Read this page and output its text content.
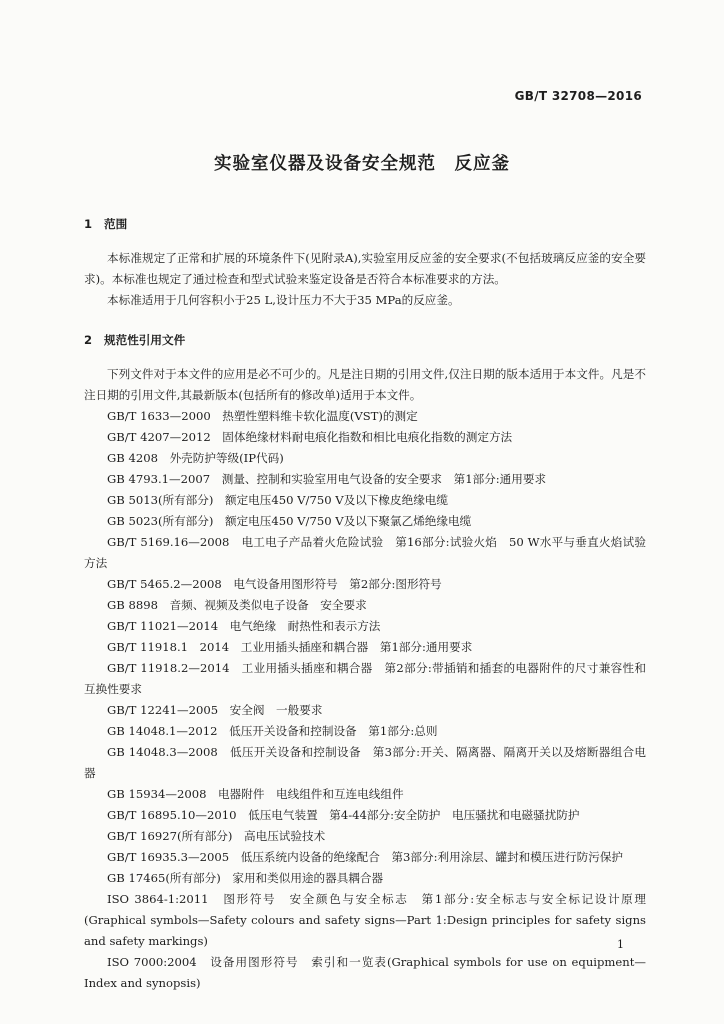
GB/T 32708—2016
实验室仪器及设备安全规范　反应釜
1 范围

本标准规定了正常和扩展的环境条件下(见附录A),实验室用反应釜的安全要求(不包括玻璃反应釜的安全要求)。本标准也规定了通过检查和型式试验来鉴定设备是否符合本标准要求的方法。

本标准适用于几何容积小于25 L,设计压力不大于35 MPa的反应釜。

2 规范性引用文件

下列文件对于本文件的应用是必不可少的。凡是注日期的引用文件,仅注日期的版本适用于本文件。凡是不注日期的引用文件,其最新版本(包括所有的修改单)适用于本文件。

GB/T 1633—2000　热塑性塑料维卡软化温度(VST)的测定
GB/T 4207—2012　固体绝缘材料耐电痕化指数和相比电痕化指数的测定方法
GB 4208　外壳防护等级(IP代码)
GB 4793.1—2007　测量、控制和实验室用电气设备的安全要求　第1部分:通用要求
GB 5013(所有部分)　额定电压450 V/750 V及以下橡皮绝缘电缆
GB 5023(所有部分)　额定电压450 V/750 V及以下聚氯乙烯绝缘电缆
GB/T 5169.16—2008　电工电子产品着火危险试验　第16部分:试验火焰　50 W水平与垂直火焰试验方法
GB/T 5465.2—2008　电气设备用图形符号　第2部分:图形符号
GB 8898　音频、视频及类似电子设备　安全要求
GB/T 11021—2014　电气绝缘　耐热性和表示方法
GB/T 11918.1　2014　工业用插头插座和耦合器　第1部分:通用要求
GB/T 11918.2—2014　工业用插头插座和耦合器　第2部分:带插销和插套的电器附件的尺寸兼容性和互换性要求
GB/T 12241—2005　安全阀　一般要求
GB 14048.1—2012　低压开关设备和控制设备　第1部分:总则
GB 14048.3—2008　低压开关设备和控制设备　第3部分:开关、隔离器、隔离开关以及熔断器组合电器
GB 15934—2008　电器附件　电线组件和互连电线组件
GB/T 16895.10—2010　低压电气装置　第4-44部分:安全防护　电压骚扰和电磁骚扰防护
GB/T 16927(所有部分)　高电压试验技术
GB/T 16935.3—2005　低压系统内设备的绝缘配合　第3部分:利用涂层、罐封和模压进行防污保护
GB 17465(所有部分)　家用和类似用途的器具耦合器
ISO 3864-1:2011　图形符号　安全颜色与安全标志　第1部分:安全标志与安全标记设计原理(Graphical symbols—Safety colours and safety signs—Part 1:Design principles for safety signs and safety markings)
ISO 7000:2004　设备用图形符号　索引和一览表(Graphical symbols for use on equipment—Index and synopsis)
1
